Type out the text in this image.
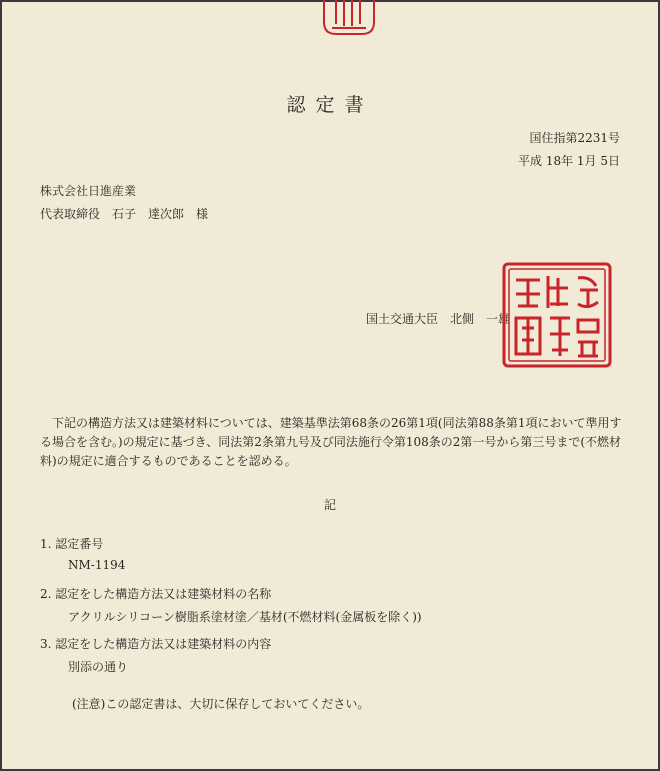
認定書
国住指第2231号
平成 18年 1月 5日
株式会社日進産業
代表取締役　石子　達次郎　様
国土交通大臣　北側　一雄
下記の構造方法又は建築材料については、建築基準法第68条の26第1項(同法第88条第1項において準用する場合を含む。)の規定に基づき、同法第2条第九号及び同法施行令第108条の2第一号から第三号まで(不燃材料)の規定に適合するものであることを認める。
記
1. 認定番号
NM-1194
2. 認定をした構造方法又は建築材料の名称
アクリルシリコーン樹脂系塗材塗／基材(不燃材料(金属板を除く))
3. 認定をした構造方法又は建築材料の内容
別添の通り
(注意)この認定書は、大切に保存しておいてください。
